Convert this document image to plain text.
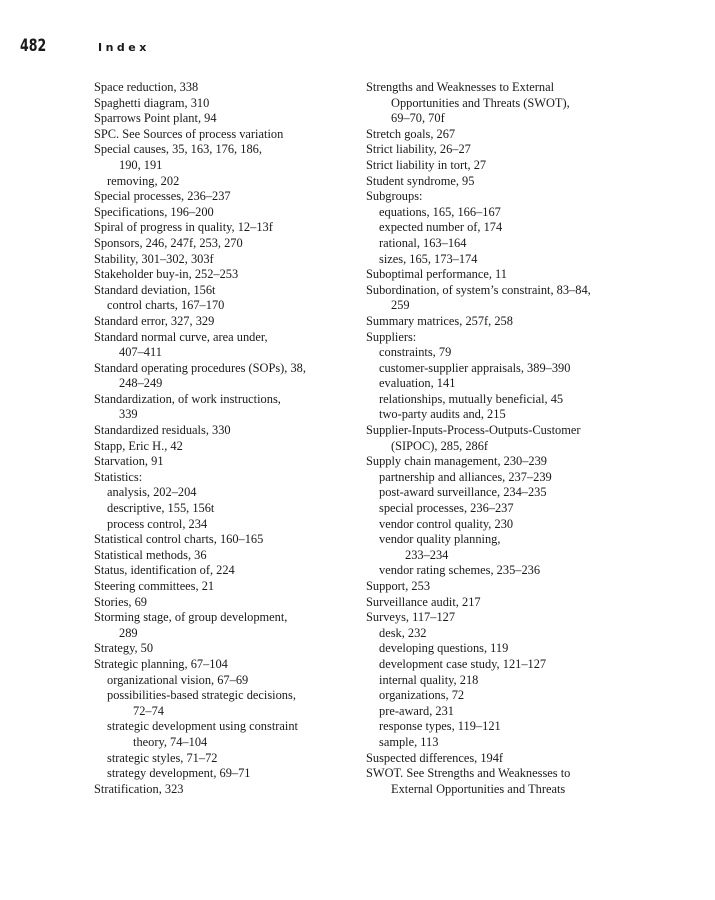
482	Index
Space reduction, 338
Spaghetti diagram, 310
Sparrows Point plant, 94
SPC. See Sources of process variation
Special causes, 35, 163, 176, 186,
190, 191
removing, 202
Special processes, 236–237
Specifications, 196–200
Spiral of progress in quality, 12–13f
Sponsors, 246, 247f, 253, 270
Stability, 301–302, 303f
Stakeholder buy-in, 252–253
Standard deviation, 156t
control charts, 167–170
Standard error, 327, 329
Standard normal curve, area under,
407–411
Standard operating procedures (SOPs), 38,
248–249
Standardization, of work instructions,
339
Standardized residuals, 330
Stapp, Eric H., 42
Starvation, 91
Statistics:
analysis, 202–204
descriptive, 155, 156t
process control, 234
Statistical control charts, 160–165
Statistical methods, 36
Status, identification of, 224
Steering committees, 21
Stories, 69
Storming stage, of group development,
289
Strategy, 50
Strategic planning, 67–104
organizational vision, 67–69
possibilities-based strategic decisions,
72–74
strategic development using constraint
theory, 74–104
strategic styles, 71–72
strategy development, 69–71
Stratification, 323
Strengths and Weaknesses to External
Opportunities and Threats (SWOT),
69–70, 70f
Stretch goals, 267
Strict liability, 26–27
Strict liability in tort, 27
Student syndrome, 95
Subgroups:
equations, 165, 166–167
expected number of, 174
rational, 163–164
sizes, 165, 173–174
Suboptimal performance, 11
Subordination, of system’s constraint, 83–84,
259
Summary matrices, 257f, 258
Suppliers:
constraints, 79
customer-supplier appraisals, 389–390
evaluation, 141
relationships, mutually beneficial, 45
two-party audits and, 215
Supplier-Inputs-Process-Outputs-Customer
(SIPOC), 285, 286f
Supply chain management, 230–239
partnership and alliances, 237–239
post-award surveillance, 234–235
special processes, 236–237
vendor control quality, 230
vendor quality planning,
233–234
vendor rating schemes, 235–236
Support, 253
Surveillance audit, 217
Surveys, 117–127
desk, 232
developing questions, 119
development case study, 121–127
internal quality, 218
organizations, 72
pre-award, 231
response types, 119–121
sample, 113
Suspected differences, 194f
SWOT. See Strengths and Weaknesses to
External Opportunities and Threats
